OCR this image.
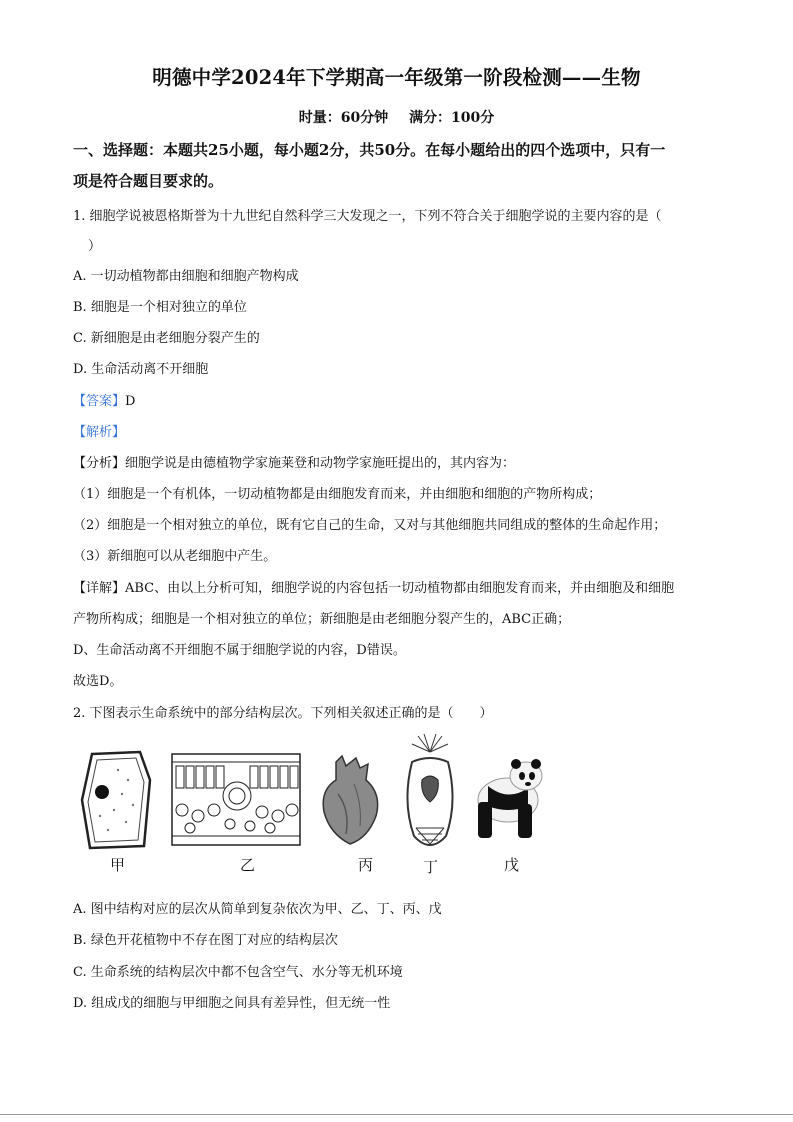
明德中学2024年下学期高一年级第一阶段检测——生物
时量：60分钟 满分：100分
一、选择题：本题共25小题，每小题2分，共50分。在每小题给出的四个选项中，只有一
项是符合题目要求的。
1. 细胞学说被恩格斯誉为十九世纪自然科学三大发现之一，下列不符合关于细胞学说的主要内容的是（
）
A. 一切动植物都由细胞和细胞产物构成
B. 细胞是一个相对独立的单位
C. 新细胞是由老细胞分裂产生的
D. 生命活动离不开细胞
【答案】D
【解析】
【分析】细胞学说是由德植物学家施莱登和动物学家施旺提出的，其内容为：
（1）细胞是一个有机体，一切动植物都是由细胞发育而来，并由细胞和细胞的产物所构成；
（2）细胞是一个相对独立的单位，既有它自己的生命，又对与其他细胞共同组成的整体的生命起作用；
（3）新细胞可以从老细胞中产生。
【详解】ABC、由以上分析可知，细胞学说的内容包括一切动植物都由细胞发育而来，并由细胞及和细胞
产物所构成；细胞是一个相对独立的单位；新细胞是由老细胞分裂产生的，ABC正确；
D、生命活动离不开细胞不属于细胞学说的内容，D错误。
故选D。
2. 下图表示生命系统中的部分结构层次。下列相关叙述正确的是（　　）
甲	乙	丙	丁	戊
A. 图中结构对应的层次从简单到复杂依次为甲、乙、丁、丙、戊
B. 绿色开花植物中不存在图丁对应的结构层次
C. 生命系统的结构层次中都不包含空气、水分等无机环境
D. 组成戊的细胞与甲细胞之间具有差异性，但无统一性
